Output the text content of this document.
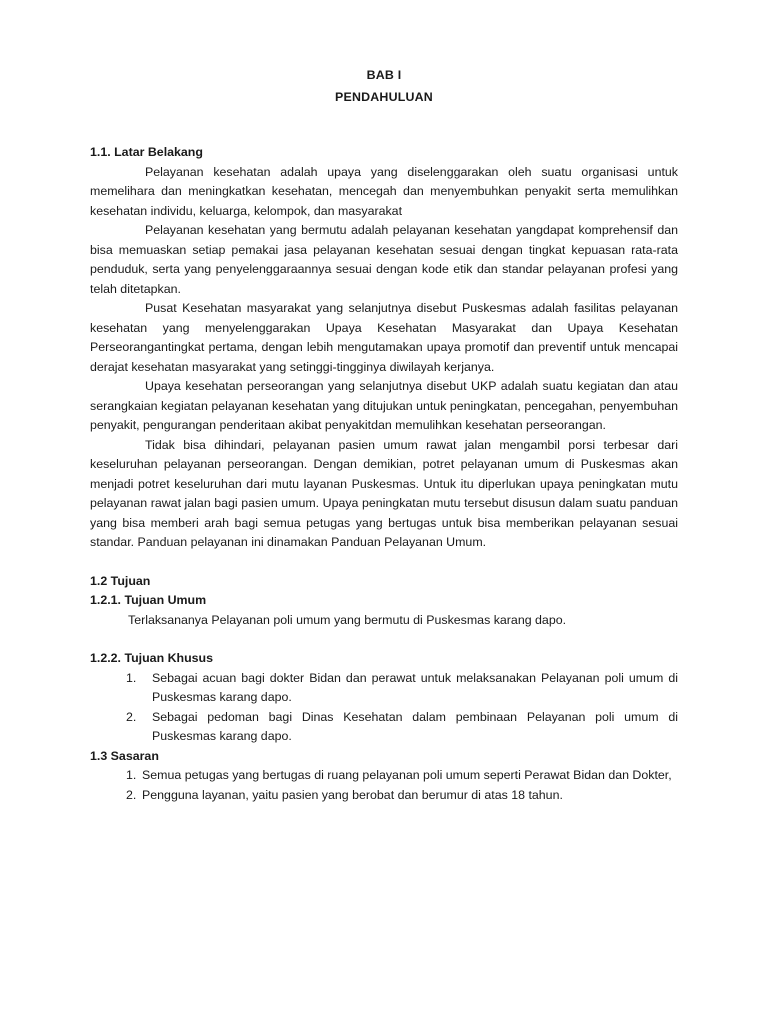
BAB I
PENDAHULUAN
1.1. Latar Belakang

Pelayanan kesehatan adalah upaya yang diselenggarakan oleh suatu organisasi untuk memelihara dan meningkatkan kesehatan, mencegah dan menyembuhkan penyakit serta memulihkan kesehatan individu, keluarga, kelompok, dan masyarakat

Pelayanan kesehatan yang bermutu adalah pelayanan kesehatan yangdapat komprehensif dan bisa memuaskan setiap pemakai jasa pelayanan kesehatan sesuai dengan tingkat kepuasan rata-rata penduduk, serta yang penyelenggaraannya sesuai dengan kode etik dan standar pelayanan profesi yang telah ditetapkan.

Pusat Kesehatan masyarakat yang selanjutnya disebut Puskesmas adalah fasilitas pelayanan kesehatan yang menyelenggarakan Upaya Kesehatan Masyarakat dan Upaya Kesehatan Perseorangantingkat pertama, dengan lebih mengutamakan upaya promotif dan preventif untuk mencapai derajat kesehatan masyarakat yang setinggi-tingginya diwilayah kerjanya.

Upaya kesehatan perseorangan yang selanjutnya disebut UKP adalah suatu kegiatan dan atau serangkaian kegiatan pelayanan kesehatan yang ditujukan untuk peningkatan, pencegahan, penyembuhan penyakit, pengurangan penderitaan akibat penyakitdan memulihkan kesehatan perseorangan.

Tidak bisa dihindari, pelayanan pasien umum rawat jalan mengambil porsi terbesar dari keseluruhan pelayanan perseorangan. Dengan demikian, potret pelayanan umum di Puskesmas akan menjadi potret keseluruhan dari mutu layanan Puskesmas. Untuk itu diperlukan upaya peningkatan mutu pelayanan rawat jalan bagi pasien umum. Upaya peningkatan mutu tersebut disusun dalam suatu panduan yang bisa memberi arah bagi semua petugas yang bertugas untuk bisa memberikan pelayanan sesuai standar. Panduan pelayanan ini dinamakan Panduan Pelayanan Umum.

1.2 Tujuan
1.2.1. Tujuan Umum

Terlaksananya Pelayanan poli umum yang bermutu di Puskesmas karang dapo.

1.2.2. Tujuan Khusus
1. Sebagai acuan bagi dokter Bidan dan perawat untuk melaksanakan Pelayanan poli umum di Puskesmas karang dapo.
2. Sebagai pedoman bagi Dinas Kesehatan dalam pembinaan Pelayanan poli umum di Puskesmas karang dapo.
1.3 Sasaran
1. Semua petugas yang bertugas di ruang pelayanan poli umum seperti Perawat Bidan dan Dokter,
2. Pengguna layanan, yaitu pasien yang berobat dan berumur di atas 18 tahun.
